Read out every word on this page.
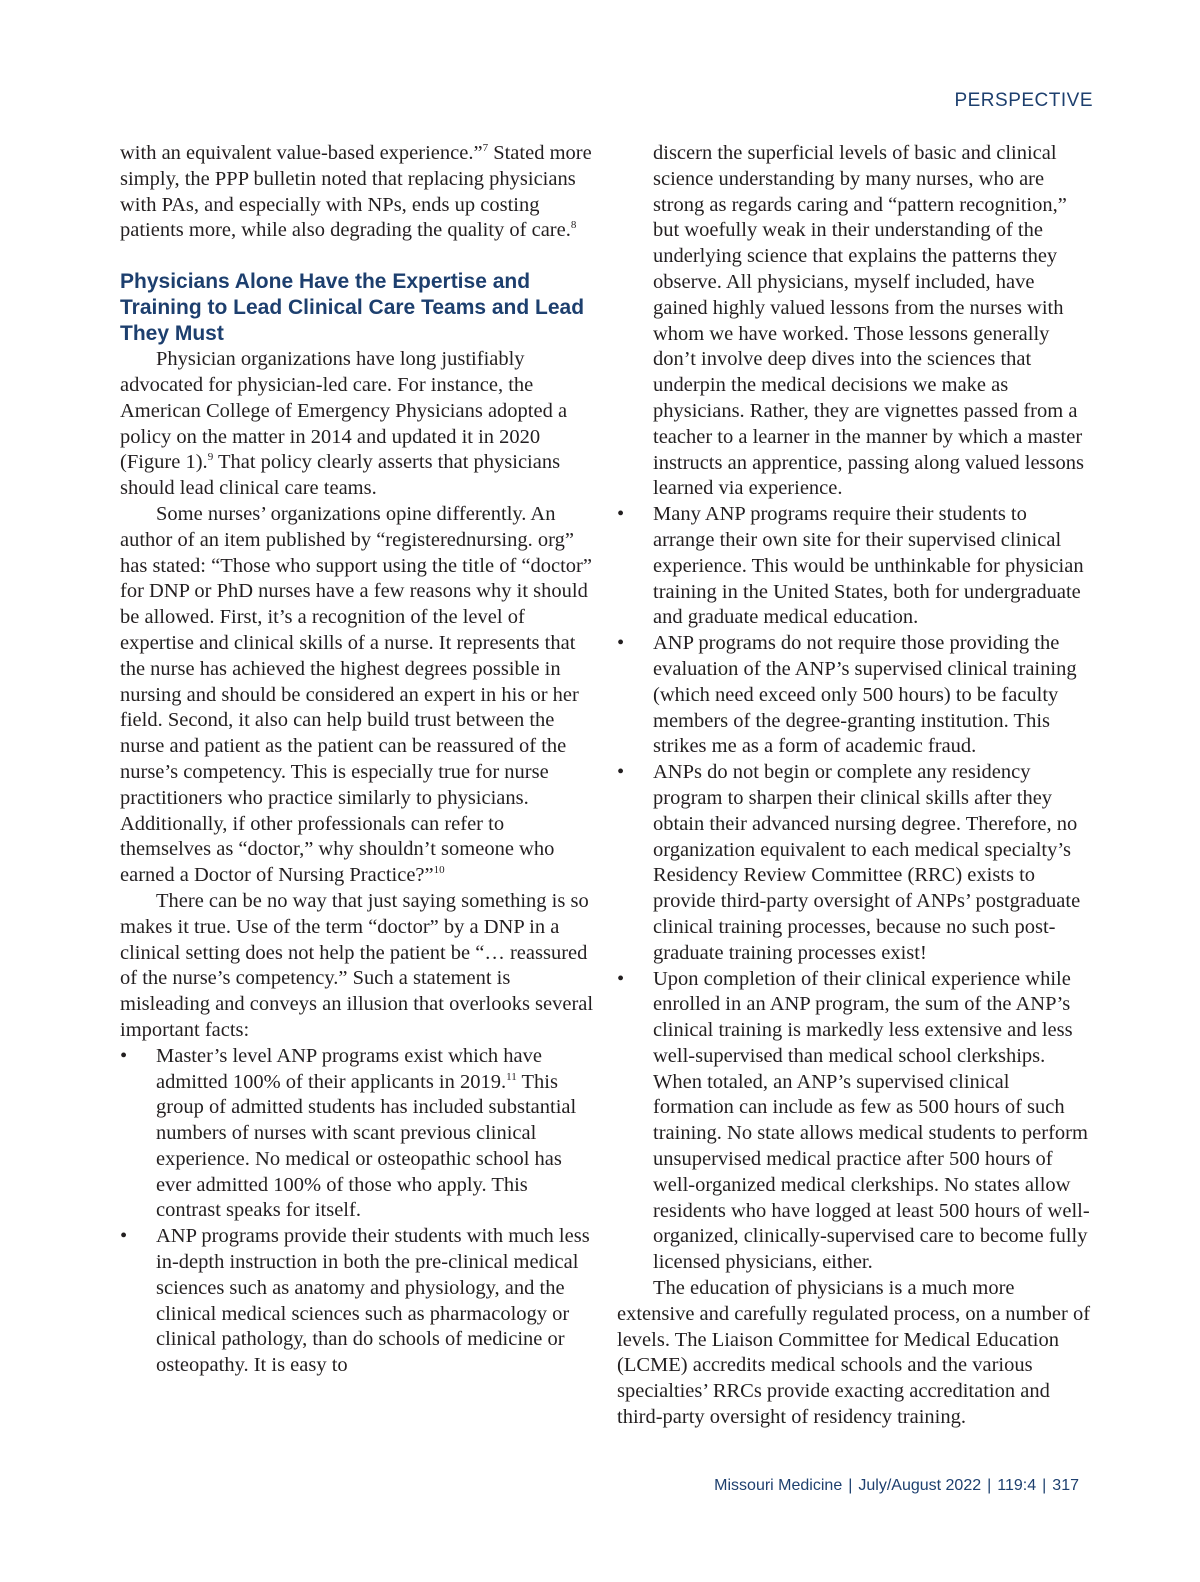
PERSPECTIVE

with an equivalent value-based experience.”$^7$ Stated more simply, the PPP bulletin noted that replacing physicians with PAs, and especially with NPs, ends up costing patients more, while also degrading the quality of care.$^8$

Physicians Alone Have the Expertise and Training to Lead Clinical Care Teams and Lead They Must

Physician organizations have long justifiably advocated for physician-led care. For instance, the American College of Emergency Physicians adopted a policy on the matter in 2014 and updated it in 2020 (Figure 1).$^9$ That policy clearly asserts that physicians should lead clinical care teams.

Some nurses’ organizations opine differently. An author of an item published by “registerednursing. org” has stated: “Those who support using the title of “doctor” for DNP or PhD nurses have a few reasons why it should be allowed. First, it’s a recognition of the level of expertise and clinical skills of a nurse. It represents that the nurse has achieved the highest degrees possible in nursing and should be considered an expert in his or her field. Second, it also can help build trust between the nurse and patient as the patient can be reassured of the nurse’s competency. This is especially true for nurse practitioners who practice similarly to physicians. Additionally, if other professionals can refer to themselves as “doctor,” why shouldn’t someone who earned a Doctor of Nursing Practice?”$^{10}$

There can be no way that just saying something is so makes it true. Use of the term “doctor” by a DNP in a clinical setting does not help the patient be “… reassured of the nurse’s competency.” Such a statement is misleading and conveys an illusion that overlooks several important facts:

• Master’s level ANP programs exist which have admitted 100% of their applicants in 2019.11 This group of admitted students has included substantial numbers of nurses with scant previous clinical experience. No medical or osteopathic school has ever admitted 100% of those who apply. This contrast speaks for itself.
• ANP programs provide their students with much less in-depth instruction in both the pre-clinical medical sciences such as anatomy and physiology, and the clinical medical sciences such as pharmacology or clinical pathology, than do schools of medicine or osteopathy. It is easy to

discern the superficial levels of basic and clinical science understanding by many nurses, who are strong as regards caring and “pattern recognition,” but woefully weak in their understanding of the underlying science that explains the patterns they observe. All physicians, myself included, have gained highly valued lessons from the nurses with whom we have worked. Those lessons generally don’t involve deep dives into the sciences that underpin the medical decisions we make as physicians. Rather, they are vignettes passed from a teacher to a learner in the manner by which a master instructs an apprentice, passing along valued lessons learned via experience.

• Many ANP programs require their students to arrange their own site for their supervised clinical experience. This would be unthinkable for physician training in the United States, both for undergraduate and graduate medical education.
• ANP programs do not require those providing the evaluation of the ANP’s supervised clinical training (which need exceed only 500 hours) to be faculty members of the degree-granting institution. This strikes me as a form of academic fraud.
• ANPs do not begin or complete any residency program to sharpen their clinical skills after they obtain their advanced nursing degree. Therefore, no organization equivalent to each medical specialty’s Residency Review Committee (RRC) exists to provide third-party oversight of ANPs’ postgraduate clinical training processes, because no such post-graduate training processes exist!
• Upon completion of their clinical experience while enrolled in an ANP program, the sum of the ANP’s clinical training is markedly less extensive and less well-supervised than medical school clerkships. When totaled, an ANP’s supervised clinical formation can include as few as 500 hours of such training. No state allows medical students to perform unsupervised medical practice after 500 hours of well-organized medical clerkships. No states allow residents who have logged at least 500 hours of well-organized, clinically-supervised care to become fully licensed physicians, either.

The education of physicians is a much more extensive and carefully regulated process, on a number of levels. The Liaison Committee for Medical Education (LCME) accredits medical schools and the various specialties’ RRCs provide exacting accreditation and third-party oversight of residency training.

Missouri Medicine | July/August 2022 | 119:4 | 317
